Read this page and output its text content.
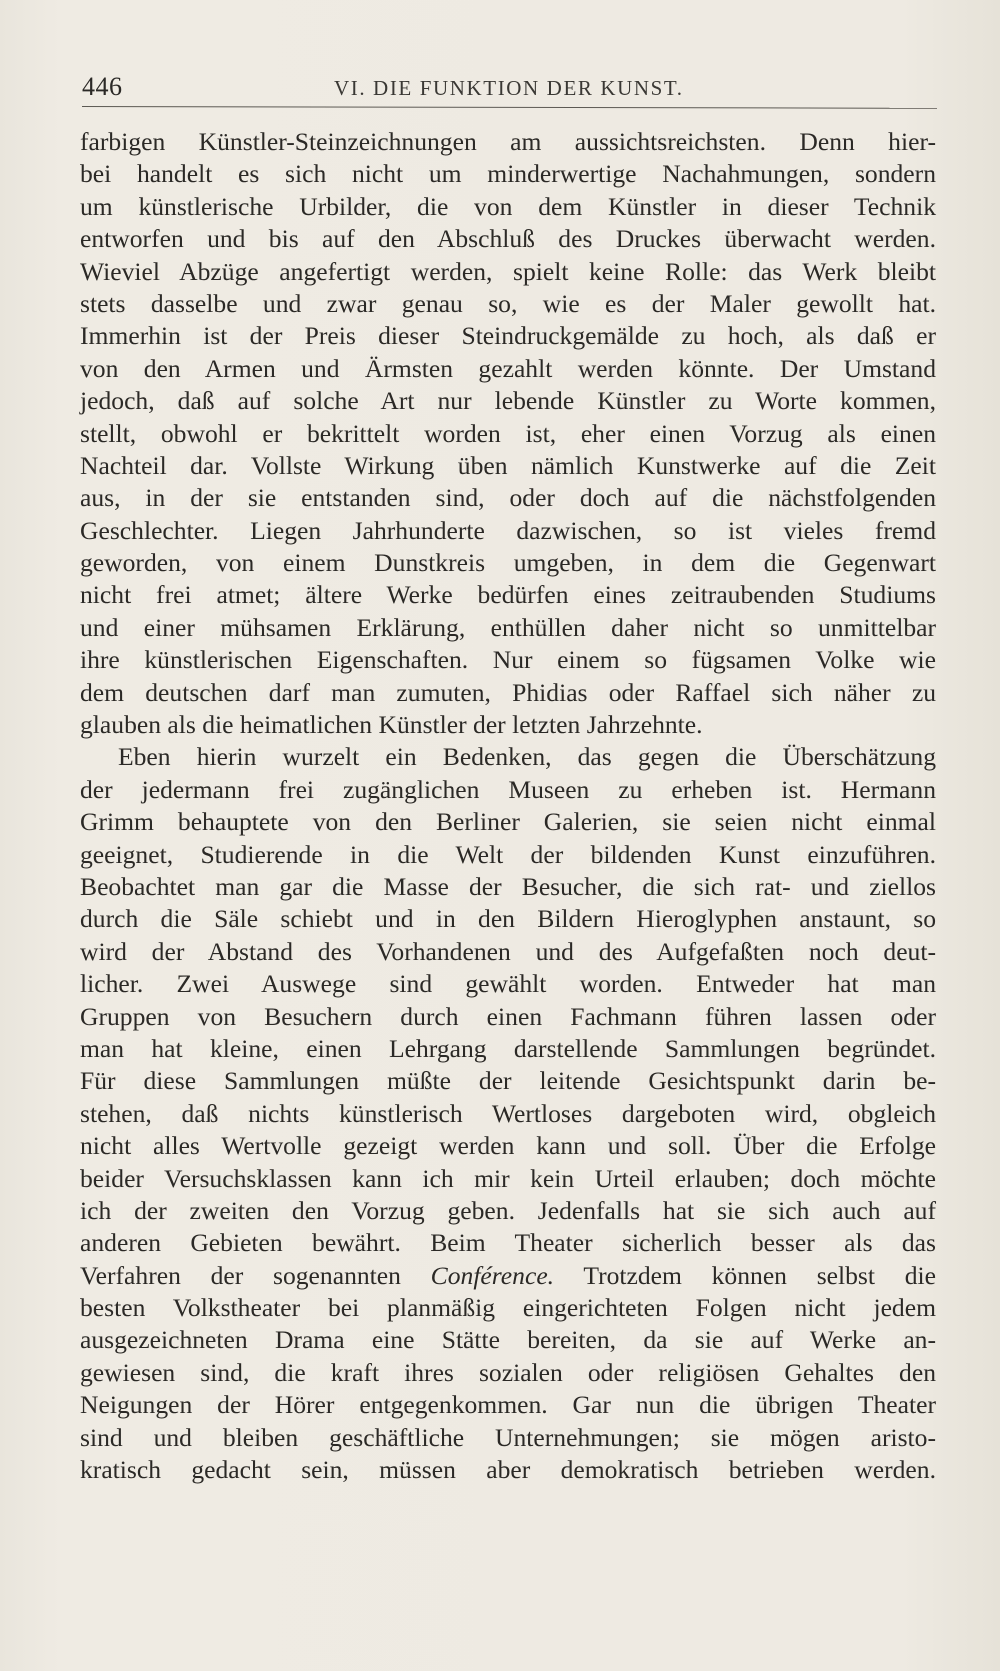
446	VI. DIE FUNKTION DER KUNST.
farbigen Künstler-Steinzeichnungen am aussichtsreichsten. Denn hier-
bei handelt es sich nicht um minderwertige Nachahmungen, sondern
um künstlerische Urbilder, die von dem Künstler in dieser Technik
entworfen und bis auf den Abschluß des Druckes überwacht werden.
Wieviel Abzüge angefertigt werden, spielt keine Rolle: das Werk bleibt
stets dasselbe und zwar genau so, wie es der Maler gewollt hat.
Immerhin ist der Preis dieser Steindruckgemälde zu hoch, als daß er
von den Armen und Ärmsten gezahlt werden könnte. Der Umstand
jedoch, daß auf solche Art nur lebende Künstler zu Worte kommen,
stellt, obwohl er bekrittelt worden ist, eher einen Vorzug als einen
Nachteil dar. Vollste Wirkung üben nämlich Kunstwerke auf die Zeit
aus, in der sie entstanden sind, oder doch auf die nächstfolgenden
Geschlechter. Liegen Jahrhunderte dazwischen, so ist vieles fremd
geworden, von einem Dunstkreis umgeben, in dem die Gegenwart
nicht frei atmet; ältere Werke bedürfen eines zeitraubenden Studiums
und einer mühsamen Erklärung, enthüllen daher nicht so unmittelbar
ihre künstlerischen Eigenschaften. Nur einem so fügsamen Volke wie
dem deutschen darf man zumuten, Phidias oder Raffael sich näher zu
glauben als die heimatlichen Künstler der letzten Jahrzehnte.
Eben hierin wurzelt ein Bedenken, das gegen die Überschätzung
der jedermann frei zugänglichen Museen zu erheben ist. Hermann
Grimm behauptete von den Berliner Galerien, sie seien nicht einmal
geeignet, Studierende in die Welt der bildenden Kunst einzuführen.
Beobachtet man gar die Masse der Besucher, die sich rat- und ziellos
durch die Säle schiebt und in den Bildern Hieroglyphen anstaunt, so
wird der Abstand des Vorhandenen und des Aufgefaßten noch deut-
licher. Zwei Auswege sind gewählt worden. Entweder hat man
Gruppen von Besuchern durch einen Fachmann führen lassen oder
man hat kleine, einen Lehrgang darstellende Sammlungen begründet.
Für diese Sammlungen müßte der leitende Gesichtspunkt darin be-
stehen, daß nichts künstlerisch Wertloses dargeboten wird, obgleich
nicht alles Wertvolle gezeigt werden kann und soll. Über die Erfolge
beider Versuchsklassen kann ich mir kein Urteil erlauben; doch möchte
ich der zweiten den Vorzug geben. Jedenfalls hat sie sich auch auf
anderen Gebieten bewährt. Beim Theater sicherlich besser als das
Verfahren der sogenannten Conférence. Trotzdem können selbst die
besten Volkstheater bei planmäßig eingerichteten Folgen nicht jedem
ausgezeichneten Drama eine Stätte bereiten, da sie auf Werke an-
gewiesen sind, die kraft ihres sozialen oder religiösen Gehaltes den
Neigungen der Hörer entgegenkommen. Gar nun die übrigen Theater
sind und bleiben geschäftliche Unternehmungen; sie mögen aristo-
kratisch gedacht sein, müssen aber demokratisch betrieben werden.
